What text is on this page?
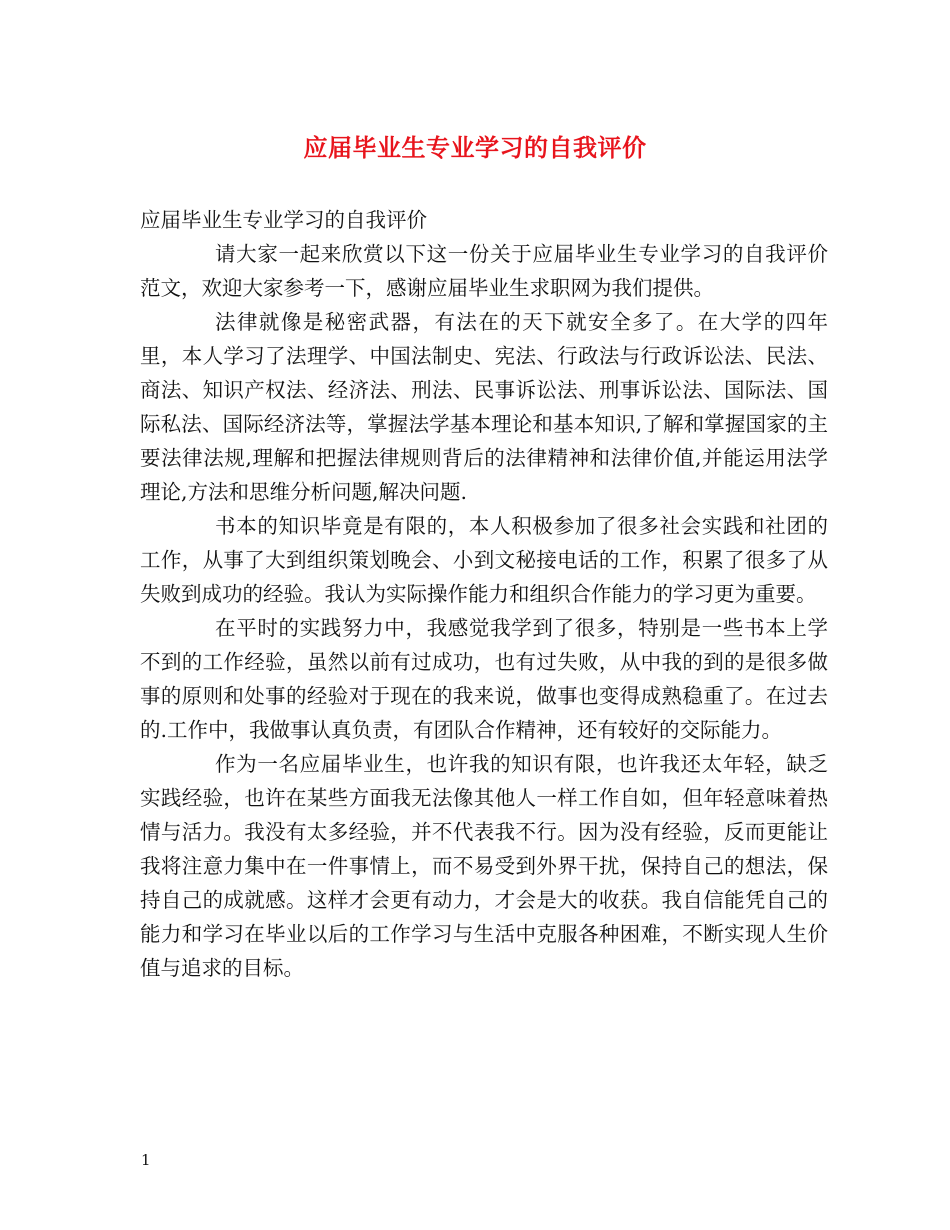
应届毕业生专业学习的自我评价

应届毕业生专业学习的自我评价

请大家一起来欣赏以下这一份关于应届毕业生专业学习的自我评价范文，欢迎大家参考一下，感谢应届毕业生求职网为我们提供。

法律就像是秘密武器，有法在的天下就安全多了。在大学的四年里，本人学习了法理学、中国法制史、宪法、行政法与行政诉讼法、民法、商法、知识产权法、经济法、刑法、民事诉讼法、刑事诉讼法、国际法、国际私法、国际经济法等，掌握法学基本理论和基本知识,了解和掌握国家的主要法律法规,理解和把握法律规则背后的法律精神和法律价值,并能运用法学理论,方法和思维分析问题,解决问题.

书本的知识毕竟是有限的，本人积极参加了很多社会实践和社团的工作，从事了大到组织策划晚会、小到文秘接电话的工作，积累了很多了从失败到成功的经验。我认为实际操作能力和组织合作能力的学习更为重要。

在平时的实践努力中，我感觉我学到了很多，特别是一些书本上学不到的工作经验，虽然以前有过成功，也有过失败，从中我的到的是很多做事的原则和处事的经验对于现在的我来说，做事也变得成熟稳重了。在过去的.工作中，我做事认真负责，有团队合作精神，还有较好的交际能力。

作为一名应届毕业生，也许我的知识有限，也许我还太年轻，缺乏实践经验，也许在某些方面我无法像其他人一样工作自如，但年轻意味着热情与活力。我没有太多经验，并不代表我不行。因为没有经验，反而更能让我将注意力集中在一件事情上，而不易受到外界干扰，保持自己的想法，保持自己的成就感。这样才会更有动力，才会是大的收获。我自信能凭自己的能力和学习在毕业以后的工作学习与生活中克服各种困难，不断实现人生价值与追求的目标。

1
